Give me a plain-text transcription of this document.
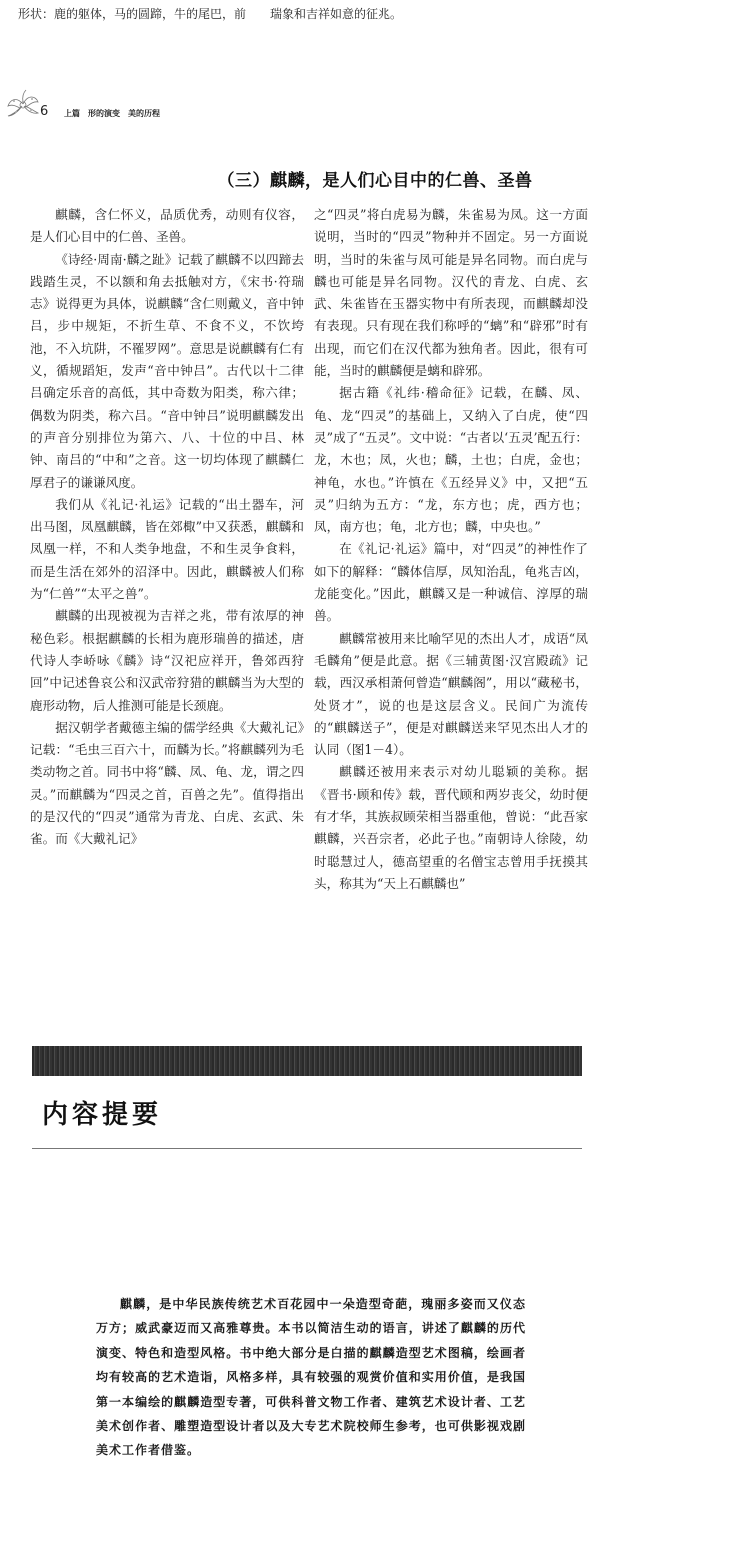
形状：鹿的躯体，马的圆蹄，牛的尾巴，前　　瑞象和吉祥如意的征兆。
6 上篇　形的演变　美的历程
（三）麒麟，是人们心目中的仁兽、圣兽

麒麟，含仁怀义，品质优秀，动则有仪容，是人们心目中的仁兽、圣兽。

《诗经·周南·麟之趾》记载了麒麟不以四蹄去践踏生灵，不以额和角去抵触对方，《宋书·符瑞志》说得更为具体，说麒麟“含仁则戴义，音中钟吕，步中规矩，不折生草、不食不义，不饮垮池，不入坑阱，不罹罗网”。意思是说麒麟有仁有义，循规蹈矩，发声“音中钟吕”。古代以十二律吕确定乐音的高低，其中奇数为阳类，称六律；偶数为阴类，称六吕。“音中钟吕”说明麒麟发出的声音分别排位为第六、八、十位的中吕、林钟、南吕的“中和”之音。这一切均体现了麒麟仁厚君子的谦谦风度。

我们从《礼记·礼运》记载的“出土器车，河出马图，凤凰麒麟，皆在郊棷”中又获悉，麒麟和凤凰一样，不和人类争地盘，不和生灵争食料，而是生活在郊外的沼泽中。因此，麒麟被人们称为“仁兽”“太平之兽”。

麒麟的出现被视为吉祥之兆，带有浓厚的神秘色彩。根据麒麟的长相为鹿形瑞兽的描述，唐代诗人李峤咏《麟》诗“汉祀应祥开，鲁郊西狩回”中记述鲁哀公和汉武帝狩猎的麒麟当为大型的鹿形动物，后人推测可能是长颈鹿。

据汉朝学者戴德主编的儒学经典《大戴礼记》记载：“毛虫三百六十，而麟为长。”将麒麟列为毛类动物之首。同书中将“麟、凤、龟、龙，谓之四灵。”而麒麟为“四灵之首，百兽之先”。值得指出的是汉代的“四灵”通常为青龙、白虎、玄武、朱雀。而《大戴礼记》

之“四灵”将白虎易为麟，朱雀易为凤。这一方面说明，当时的“四灵”物种并不固定。另一方面说明，当时的朱雀与凤可能是异名同物。而白虎与麟也可能是异名同物。汉代的青龙、白虎、玄武、朱雀皆在玉器实物中有所表现，而麒麟却没有表现。只有现在我们称呼的“螭”和“辟邪”时有出现，而它们在汉代都为独角者。因此，很有可能，当时的麒麟便是螭和辟邪。

据古籍《礼纬·稽命征》记载，在麟、凤、龟、龙“四灵”的基础上，又纳入了白虎，使“四灵”成了“五灵”。文中说：“古者以‘五灵’配五行：龙，木也；凤，火也；麟，土也；白虎，金也；神龟，水也。”许慎在《五经异义》中，又把“五灵”归纳为五方：“龙，东方也；虎，西方也；凤，南方也；龟，北方也；麟，中央也。”

在《礼记·礼运》篇中，对“四灵”的神性作了如下的解释：“麟体信厚，凤知治乱，龟兆吉凶，龙能变化。”因此，麒麟又是一种诚信、淳厚的瑞兽。

麒麟常被用来比喻罕见的杰出人才，成语“凤毛麟角”便是此意。据《三辅黄图·汉宫殿疏》记载，西汉承相萧何曾造“麒麟阁”，用以“藏秘书，处贤才”，说的也是这层含义。民间广为流传的“麒麟送子”，便是对麒麟送来罕见杰出人才的认同（图1－4）。

麒麟还被用来表示对幼儿聪颖的美称。据《晋书·顾和传》载，晋代顾和两岁丧父，幼时便有才华，其族叔顾荣相当器重他，曾说：“此吾家麒麟，兴吾宗者，必此子也。”南朝诗人徐陵，幼时聪慧过人，德高望重的名僧宝志曾用手抚摸其头，称其为“天上石麒麟也”

内容提要

麒麟，是中华民族传统艺术百花园中一朵造型奇葩，瑰丽多姿而又仪态万方；威武豪迈而又高雅尊贵。本书以简洁生动的语言，讲述了麒麟的历代演变、特色和造型风格。书中绝大部分是白描的麒麟造型艺术图稿，绘画者均有较高的艺术造诣，风格多样，具有较强的观赏价值和实用价值，是我国第一本编绘的麒麟造型专著，可供科普文物工作者、建筑艺术设计者、工艺美术创作者、雕塑造型设计者以及大专艺术院校师生参考，也可供影视戏剧美术工作者借鉴。
